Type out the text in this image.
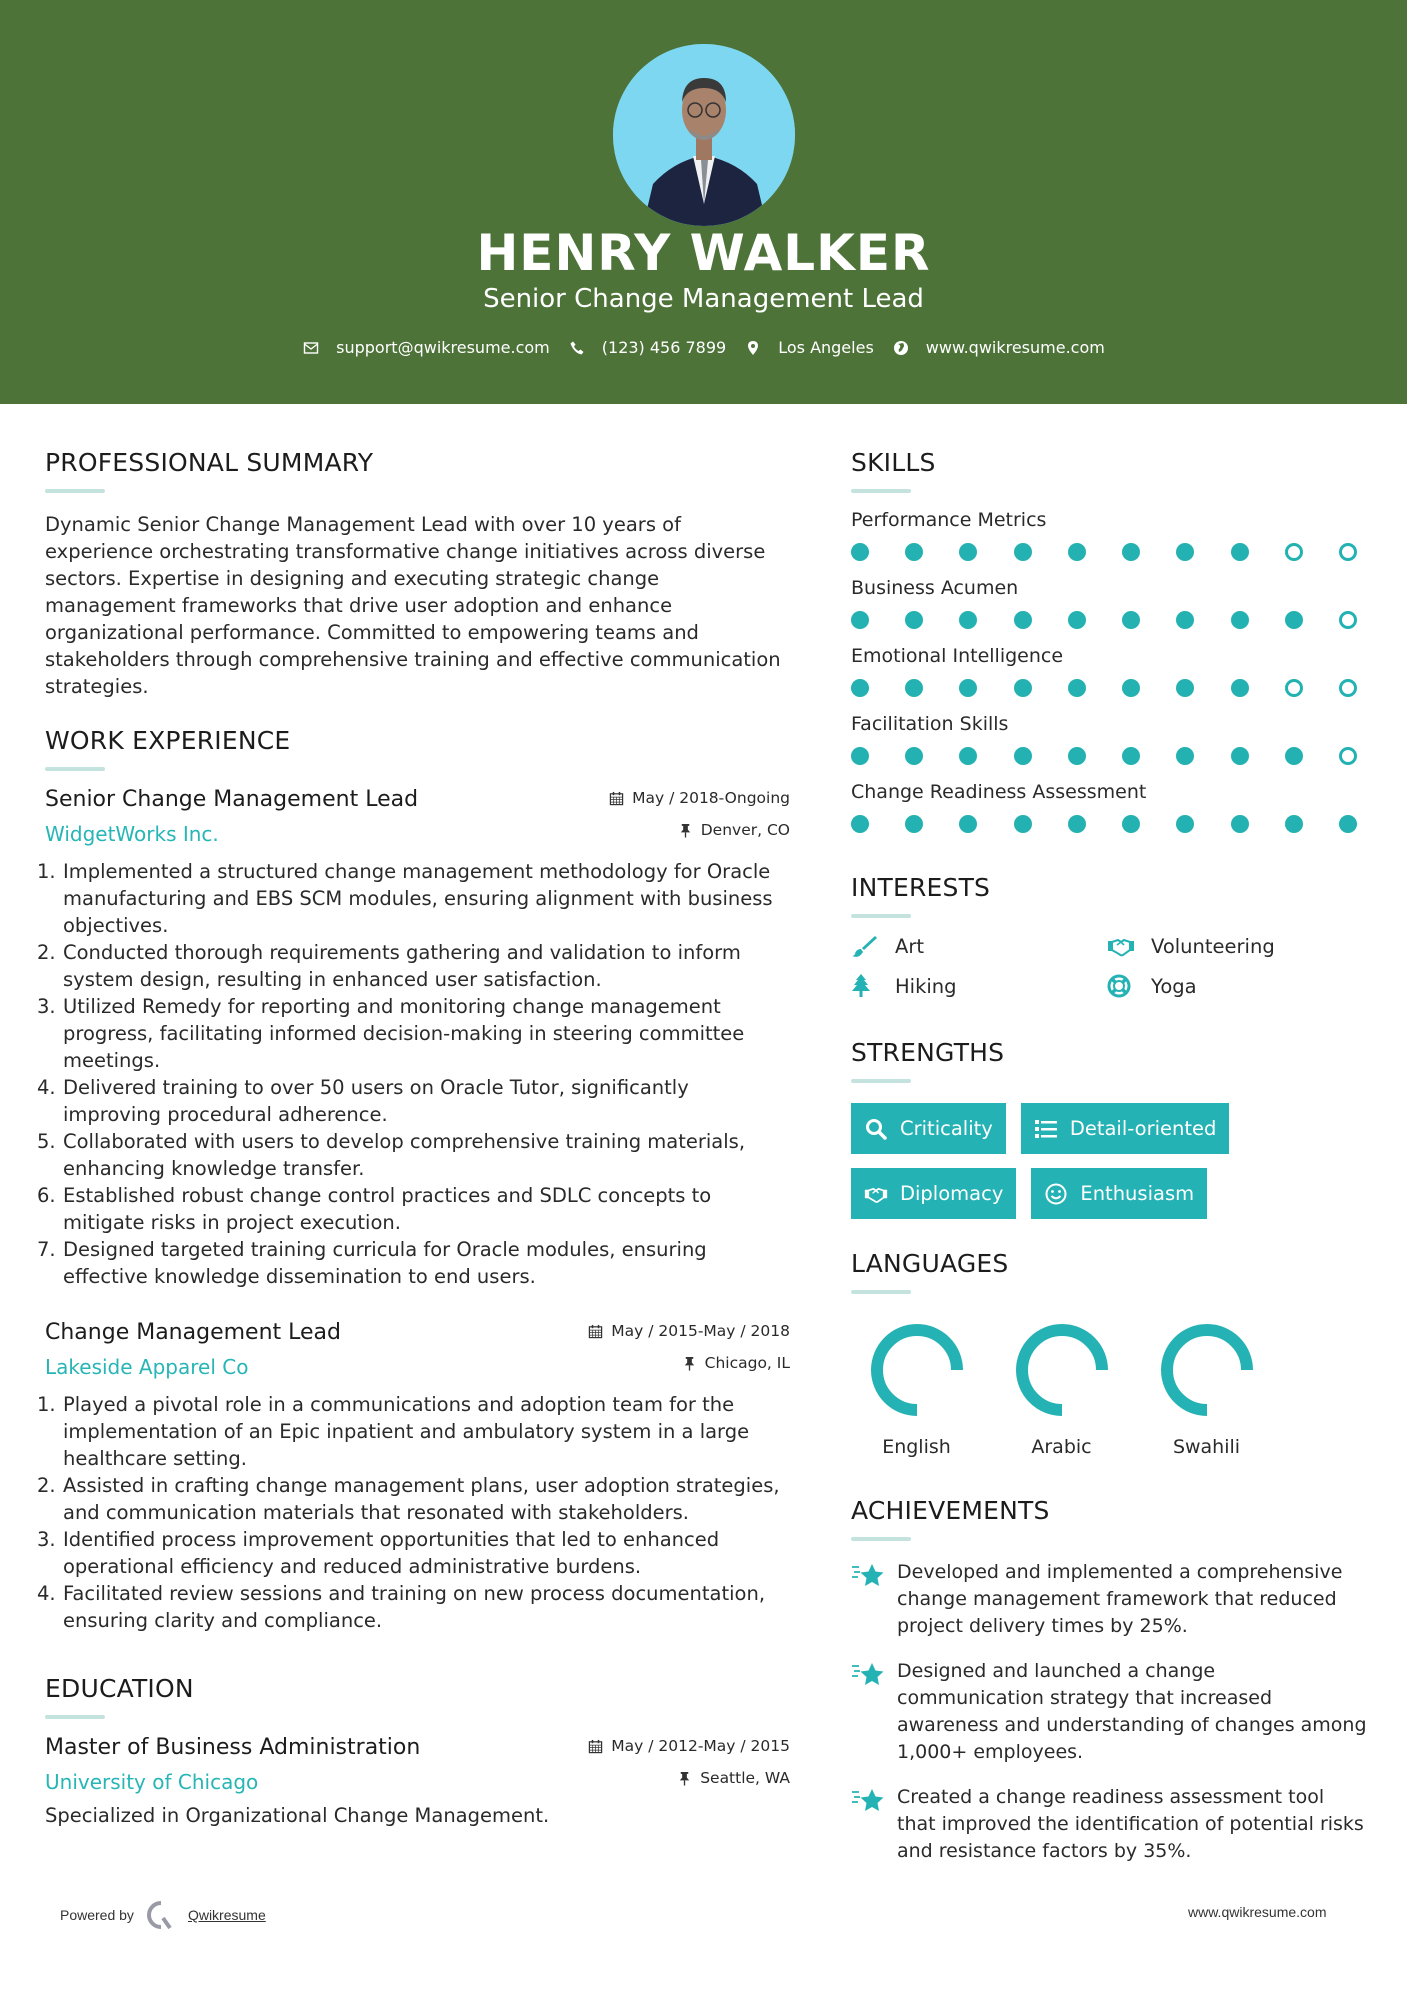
HENRY WALKER
Senior Change Management Lead
support@qwikresume.com	(123) 456 7899	Los Angeles	www.qwikresume.com
PROFESSIONAL SUMMARY

Dynamic Senior Change Management Lead with over 10 years of experience orchestrating transformative change initiatives across diverse sectors. Expertise in designing and executing strategic change management frameworks that drive user adoption and enhance organizational performance. Committed to empowering teams and stakeholders through comprehensive training and effective communication strategies.

WORK EXPERIENCE
Senior Change Management Lead
WidgetWorks Inc.
May / 2018-Ongoing
Denver, CO
1. Implemented a structured change management methodology for Oracle manufacturing and EBS SCM modules, ensuring alignment with business objectives.
2. Conducted thorough requirements gathering and validation to inform system design, resulting in enhanced user satisfaction.
3. Utilized Remedy for reporting and monitoring change management progress, facilitating informed decision-making in steering committee meetings.
4. Delivered training to over 50 users on Oracle Tutor, significantly improving procedural adherence.
5. Collaborated with users to develop comprehensive training materials, enhancing knowledge transfer.
6. Established robust change control practices and SDLC concepts to mitigate risks in project execution.
7. Designed targeted training curricula for Oracle modules, ensuring effective knowledge dissemination to end users.
Change Management Lead
Lakeside Apparel Co
May / 2015-May / 2018
Chicago, IL
1. Played a pivotal role in a communications and adoption team for the implementation of an Epic inpatient and ambulatory system in a large healthcare setting.
2. Assisted in crafting change management plans, user adoption strategies, and communication materials that resonated with stakeholders.
3. Identified process improvement opportunities that led to enhanced operational efficiency and reduced administrative burdens.
4. Facilitated review sessions and training on new process documentation, ensuring clarity and compliance.
EDUCATION
Master of Business Administration
University of Chicago
May / 2012-May / 2015
Seattle, WA
Specialized in Organizational Change Management.
Powered by	Qwikresume	www.qwikresume.com
SKILLS
Performance Metrics
Business Acumen
Emotional Intelligence
Facilitation Skills
Change Readiness Assessment
INTERESTS
Art	Volunteering
Hiking	Yoga
STRENGTHS
Criticality	Detail-oriented
Diplomacy	Enthusiasm
LANGUAGES
English	Arabic	Swahili
ACHIEVEMENTS
Developed and implemented a comprehensive change management framework that reduced project delivery times by 25%.
Designed and launched a change communication strategy that increased awareness and understanding of changes among 1,000+ employees.
Created a change readiness assessment tool that improved the identification of potential risks and resistance factors by 35%.
